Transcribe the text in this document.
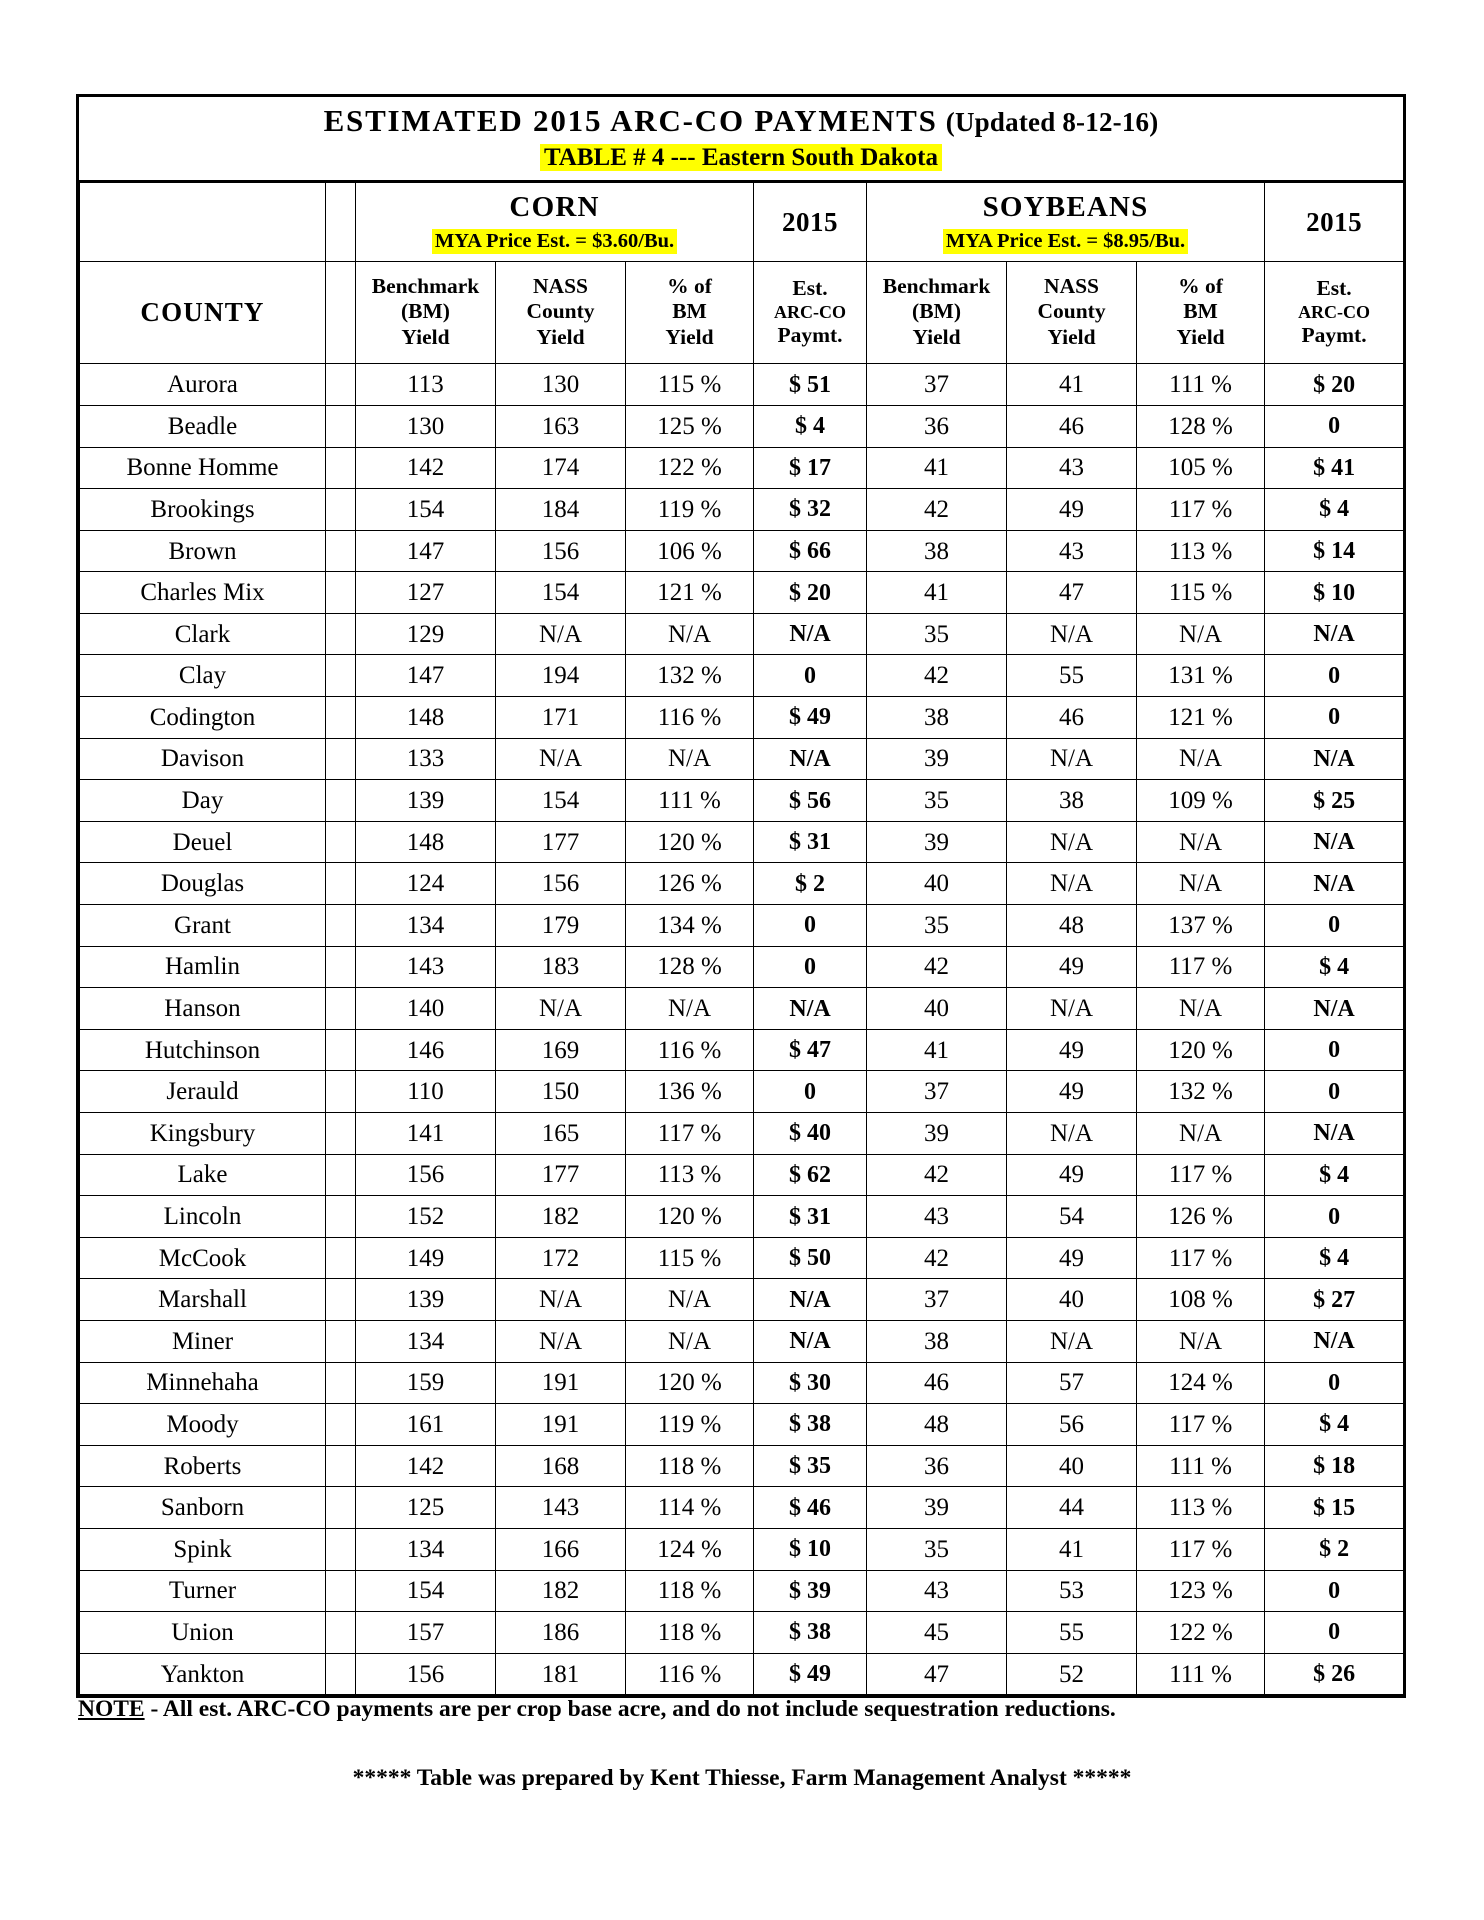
ESTIMATED 2015 ARC-CO PAYMENTS (Updated 8-12-16)
TABLE # 4 --- Eastern South Dakota

		CORN
MYA Price Est. = $3.60/Bu.			2015	SOYBEANS
MYA Price Est. = $8.95/Bu.			2015
COUNTY		Benchmark
(BM)
Yield	NASS
County
Yield	% of
BM
Yield	Est.
ARC-CO
Paymt.	Benchmark
(BM)
Yield	NASS
County
Yield	% of
BM
Yield	Est.
ARC-CO
Paymt.

Aurora		113	130	115 %	$ 51	37	41	111 %	$ 20
Beadle		130	163	125 %	$ 4	36	46	128 %	0
Bonne Homme		142	174	122 %	$ 17	41	43	105 %	$ 41
Brookings		154	184	119 %	$ 32	42	49	117 %	$ 4
Brown		147	156	106 %	$ 66	38	43	113 %	$ 14
Charles Mix		127	154	121 %	$ 20	41	47	115 %	$ 10
Clark		129	N/A	N/A	N/A	35	N/A	N/A	N/A
Clay		147	194	132 %	0	42	55	131 %	0
Codington		148	171	116 %	$ 49	38	46	121 %	0
Davison		133	N/A	N/A	N/A	39	N/A	N/A	N/A
Day		139	154	111 %	$ 56	35	38	109 %	$ 25
Deuel		148	177	120 %	$ 31	39	N/A	N/A	N/A
Douglas		124	156	126 %	$ 2	40	N/A	N/A	N/A
Grant		134	179	134 %	0	35	48	137 %	0
Hamlin		143	183	128 %	0	42	49	117 %	$ 4
Hanson		140	N/A	N/A	N/A	40	N/A	N/A	N/A
Hutchinson		146	169	116 %	$ 47	41	49	120 %	0
Jerauld		110	150	136 %	0	37	49	132 %	0
Kingsbury		141	165	117 %	$ 40	39	N/A	N/A	N/A
Lake		156	177	113 %	$ 62	42	49	117 %	$ 4
Lincoln		152	182	120 %	$ 31	43	54	126 %	0
McCook		149	172	115 %	$ 50	42	49	117 %	$ 4
Marshall		139	N/A	N/A	N/A	37	40	108 %	$ 27
Miner		134	N/A	N/A	N/A	38	N/A	N/A	N/A
Minnehaha		159	191	120 %	$ 30	46	57	124 %	0
Moody		161	191	119 %	$ 38	48	56	117 %	$ 4
Roberts		142	168	118 %	$ 35	36	40	111 %	$ 18
Sanborn		125	143	114 %	$ 46	39	44	113 %	$ 15
Spink		134	166	124 %	$ 10	35	41	117 %	$ 2
Turner		154	182	118 %	$ 39	43	53	123 %	0
Union		157	186	118 %	$ 38	45	55	122 %	0
Yankton		156	181	116 %	$ 49	47	52	111 %	$ 26
NOTE - All est. ARC-CO payments are per crop base acre, and do not include sequestration reductions.
***** Table was prepared by Kent Thiesse, Farm Management Analyst *****
